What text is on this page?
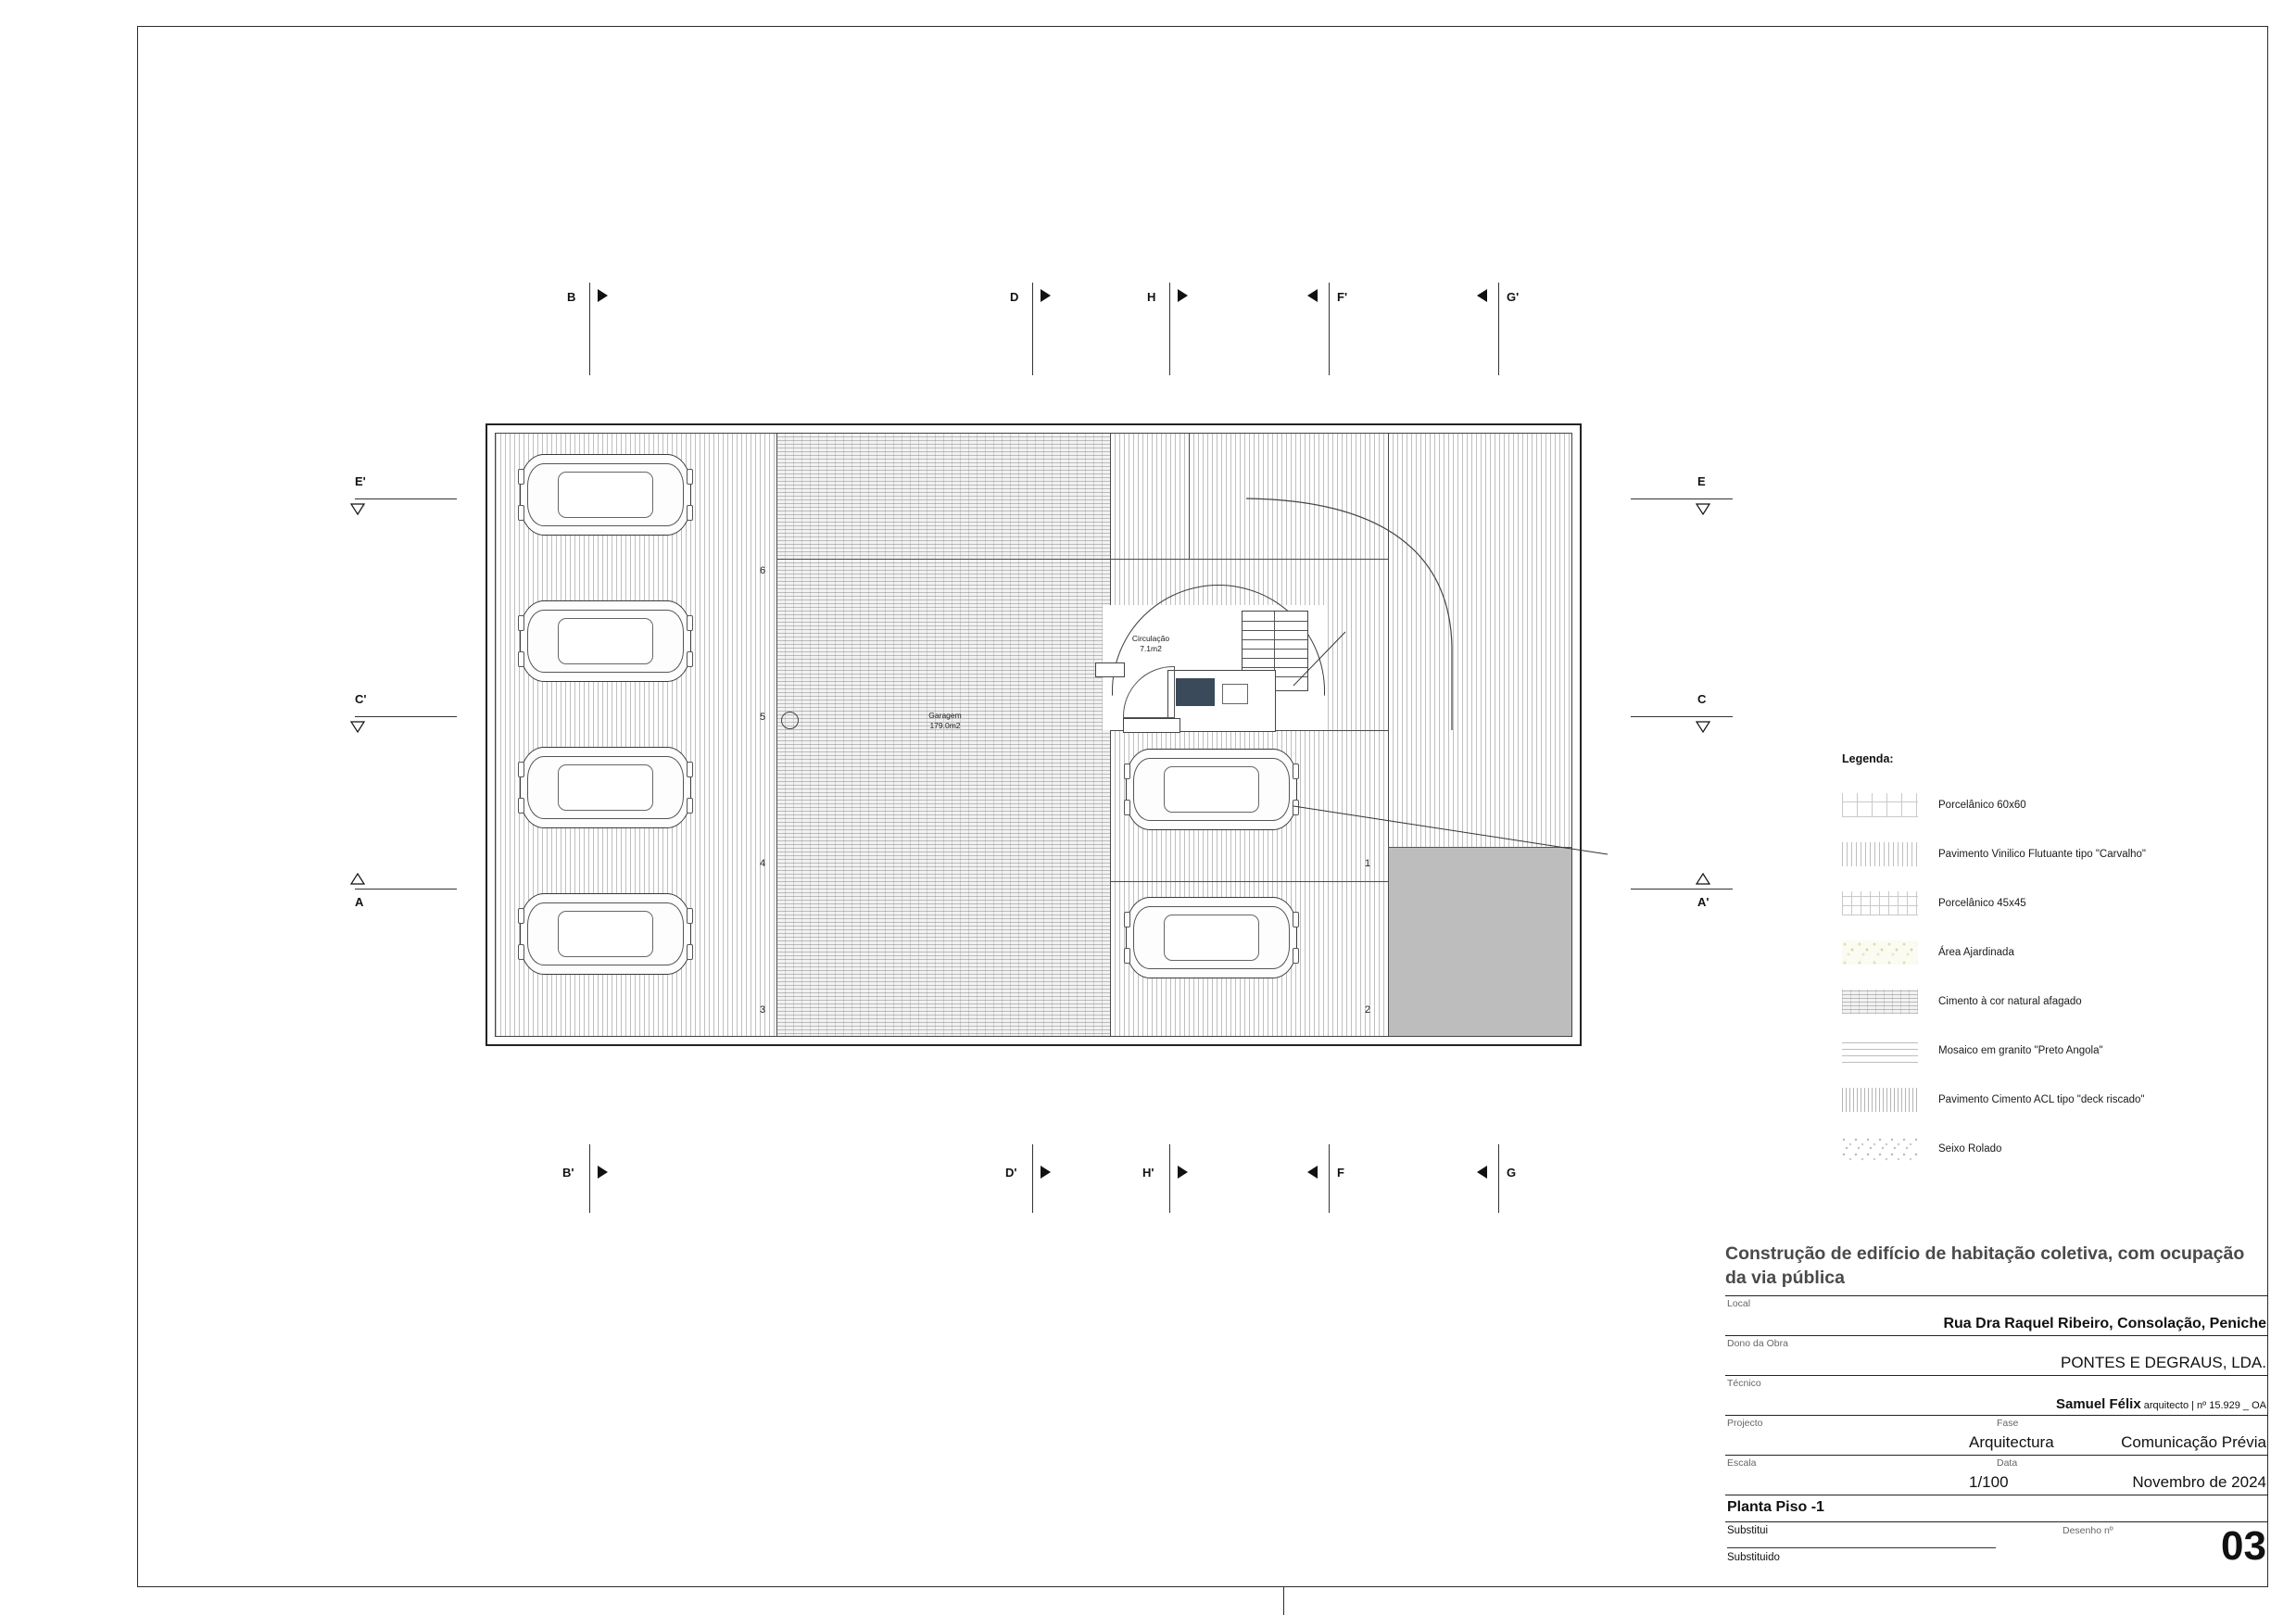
B	D	H	F'	G'
B'	D'	H'	F	G
E'
C'
A
E
C
A'
6
5
4
3
1
2
Garagem
179.0m2
Circulação
7.1m2
Legenda:
Porcelânico 60x60
Pavimento Vinilico Flutuante tipo "Carvalho"
Porcelânico 45x45
Área Ajardinada
Cimento à cor natural afagado
Mosaico em granito "Preto Angola"
Pavimento Cimento ACL tipo "deck riscado"
Seixo Rolado
Construção de edifício de habitação coletiva, com ocupação da via pública
Local
Rua Dra Raquel Ribeiro, Consolação, Peniche
Dono da Obra
PONTES E DEGRAUS, LDA.
Técnico
Samuel Félix arquitecto | nº 15.929 _ OA
Projecto	Fase
Arquitectura	Comunicação Prévia
Escala	Data
1/100	Novembro de 2024
Planta Piso -1
Substitui
Substituido
Desenho nº	03
